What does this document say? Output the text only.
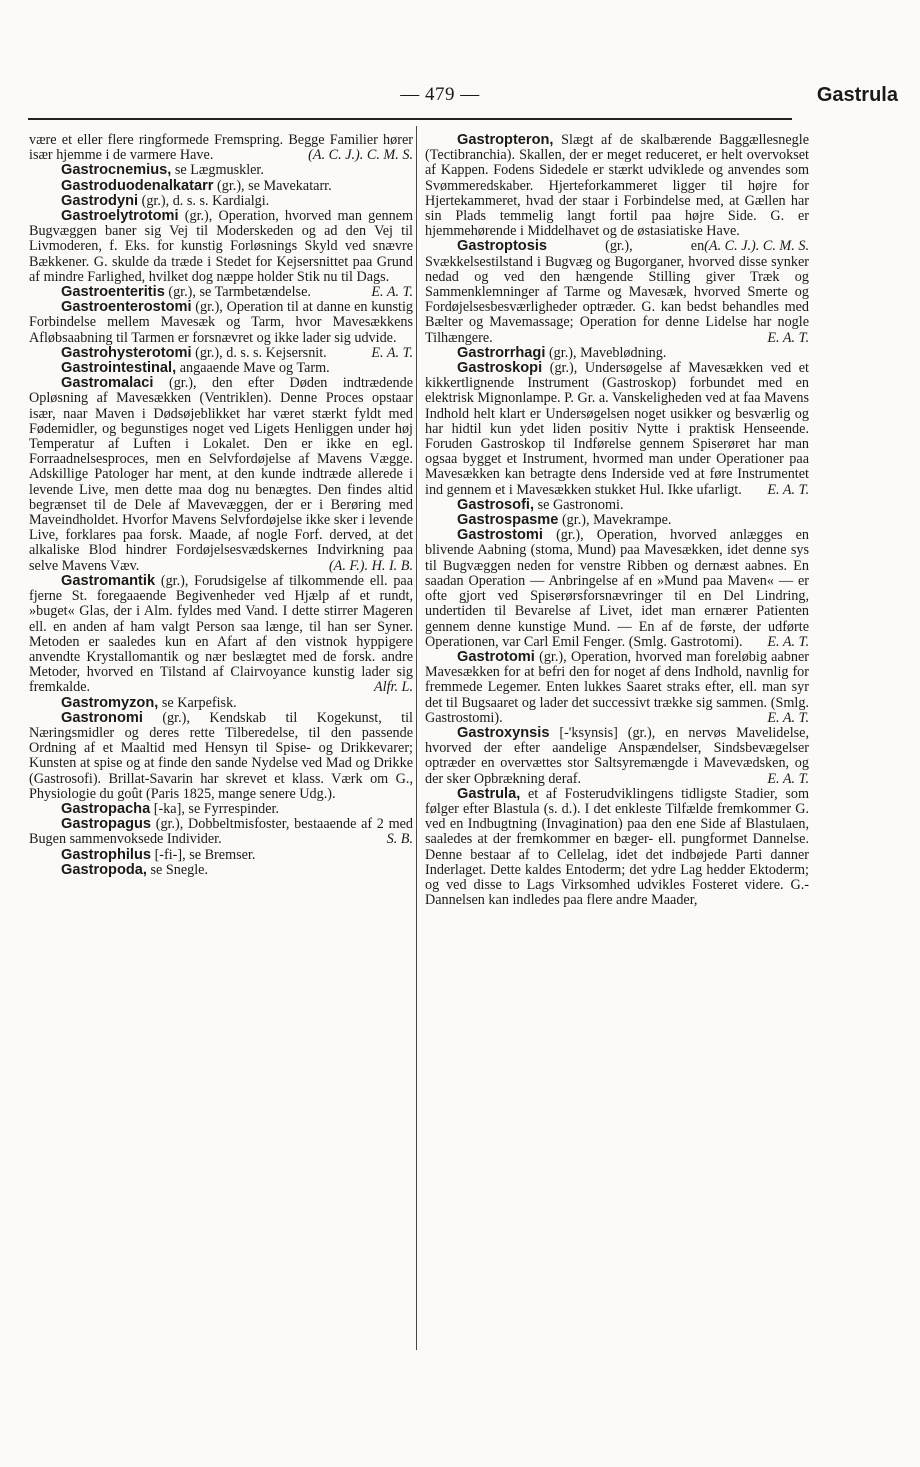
— 479 —	Gastrula

være et eller flere ringformede Fremspring. Begge Familier hører især hjemme i de varmere Have.	(A. C. J.). C. M. S.

Gastrocnemius, se Lægmuskler.

Gastroduodenalkatarr (gr.), se Mavekatarr.

Gastrodyni (gr.), d. s. s. Kardialgi.

Gastroelytrotomi (gr.), Operation, hvorved man gennem Bugvæggen baner sig Vej til Moderskeden og ad den Vej til Livmoderen, f. Eks. for kunstig Forløsnings Skyld ved snævre Bækkener. G. skulde da træde i Stedet for Kejsersnittet paa Grund af mindre Farlighed, hvilket dog næppe holder Stik nu til Dags.
E. A. T.

Gastroenteritis (gr.), se Tarmbetændelse.

Gastroenterostomi (gr.), Operation til at danne en kunstig Forbindelse mellem Mavesæk og Tarm, hvor Mavesækkens Afløbsaabning til Tarmen er forsnævret og ikke lader sig udvide.
E. A. T.

Gastrohysterotomi (gr.), d. s. s. Kejsersnit.

Gastrointestinal, angaaende Mave og Tarm.

Gastromalaci (gr.), den efter Døden indtrædende Opløsning af Mavesækken (Ventriklen). Denne Proces opstaar især, naar Maven i Dødsøjeblikket har været stærkt fyldt med Fødemidler, og begunstiges noget ved Ligets Henliggen under høj Temperatur af Luften i Lokalet. Den er ikke en egl. Forraadnelsesproces, men en Selvfordøjelse af Mavens Vægge. Adskillige Patologer har ment, at den kunde indtræde allerede i levende Live, men dette maa dog nu benægtes. Den findes altid begrænset til de Dele af Mavevæggen, der er i Berøring med Maveindholdet. Hvorfor Mavens Selvfordøjelse ikke sker i levende Live, forklares paa forsk. Maade, af nogle Forf. derved, at det alkaliske Blod hindrer Fordøjelsesvædskernes Indvirkning paa selve Mavens Væv.	(A. F.). H. I. B.

Gastromantik (gr.), Forudsigelse af tilkommende ell. paa fjerne St. foregaaende Begivenheder ved Hjælp af et rundt, »buget« Glas, der i Alm. fyldes med Vand. I dette stirrer Mageren ell. en anden af ham valgt Person saa længe, til han ser Syner. Metoden er saaledes kun en Afart af den vistnok hyppigere anvendte Krystallomantik og nær beslægtet med de forsk. andre Metoder, hvorved en Tilstand af Clairvoyance kunstig lader sig fremkalde.	Alfr. L.

Gastromyzon, se Karpefisk.

Gastronomi (gr.), Kendskab til Kogekunst, til Næringsmidler og deres rette Tilberedelse, til den passende Ordning af et Maaltid med Hensyn til Spise- og Drikkevarer; Kunsten at spise og at finde den sande Nydelse ved Mad og Drikke (Gastrosofi). Brillat-Savarin har skrevet et klass. Værk om G., Physiologie du goût (Paris 1825, mange senere Udg.).

Gastropacha [-ka], se Fyrrespinder.

Gastropagus (gr.), Dobbeltmisfoster, bestaaende af 2 med Bugen sammenvoksede Individer.	S. B.

Gastrophilus [-fi-], se Bremser.

Gastropoda, se Snegle.

Gastropteron, Slægt af de skalbærende Baggællesnegle (Tectibranchia). Skallen, der er meget reduceret, er helt overvokset af Kappen. Fodens Sidedele er stærkt udviklede og anvendes som Svømmeredskaber. Hjerteforkammeret ligger til højre for Hjertekammeret, hvad der staar i Forbindelse med, at Gællen har sin Plads temmelig langt fortil paa højre Side. G. er hjemmehørende i Middelhavet og de østasiatiske Have.
(A. C. J.). C. M. S.

Gastroptosis	(gr.), en Svækkelsestilstand i Bugvæg og Bugorganer, hvorved disse synker nedad og ved den hængende Stilling giver Træk og Sammenklemninger af Tarme og Mavesæk, hvorved Smerte og Fordøjelsesbesværligheder optræder. G. kan bedst behandles med Bælter og Mavemassage; Operation for denne Lidelse har nogle Tilhængere.	E. A. T.

Gastrorrhagi (gr.), Maveblødning.

Gastroskopi (gr.), Undersøgelse af Mavesækken ved et kikkertlignende Instrument (Gastroskop) forbundet med en elektrisk Mignonlampe. P. Gr. a. Vanskeligheden ved at faa Mavens Indhold helt klart er Undersøgelsen noget usikker og besværlig og har hidtil kun ydet liden positiv Nytte i praktisk Henseende. Foruden Gastroskop til Indførelse gennem Spiserøret har man ogsaa bygget et Instrument, hvormed man under Operationer paa Mavesækken kan betragte dens Inderside ved at føre Instrumentet ind gennem et i Mavesækken stukket Hul. Ikke ufarligt. E. A. T.

Gastrosofi, se Gastronomi.

Gastrospasme (gr.), Mavekrampe.

Gastrostomi (gr.), Operation, hvorved anlægges en blivende Aabning (stoma, Mund) paa Mavesækken, idet denne sys til Bugvæggen neden for venstre Ribben og dernæst aabnes. En saadan Operation — Anbringelse af en »Mund paa Maven« — er ofte gjort ved Spiserørsforsnævringer til en Del Lindring, undertiden til Bevarelse af Livet, idet man ernærer Patienten gennem denne kunstige Mund. — En af de første, der udførte Operationen, var Carl Emil Fenger. (Smlg. Gastrotomi). E. A. T.

Gastrotomi (gr.), Operation, hvorved man foreløbig aabner Mavesækken for at befri den for noget af dens Indhold, navnlig for fremmede Legemer. Enten lukkes Saaret straks efter, ell. man syr det til Bugsaaret og lader det successivt trække sig sammen. (Smlg. Gastrostomi).	E. A. T.

Gastroxynsis [-'ksynsis] (gr.), en nervøs Mavelidelse, hvorved der efter aandelige Anspændelser, Sindsbevægelser optræder en overvættes stor Saltsyremængde i Mavevædsken, og der sker Opbrækning deraf.	E. A. T.

Gastrula, et af Fosterudviklingens tidligste Stadier, som følger efter Blastula (s. d.). I det enkleste Tilfælde fremkommer G. ved en Indbugtning (Invagination) paa den ene Side af Blastulaen, saaledes at der fremkommer en bæger- ell. pungformet Dannelse. Denne bestaar af to Cellelag, idet det indbøjede Parti danner Inderlaget. Dette kaldes Entoderm; det ydre Lag hedder Ektoderm; og ved disse to Lags Virksomhed udvikles Fosteret videre. G.-Dannelsen kan indledes paa flere andre Maader,
